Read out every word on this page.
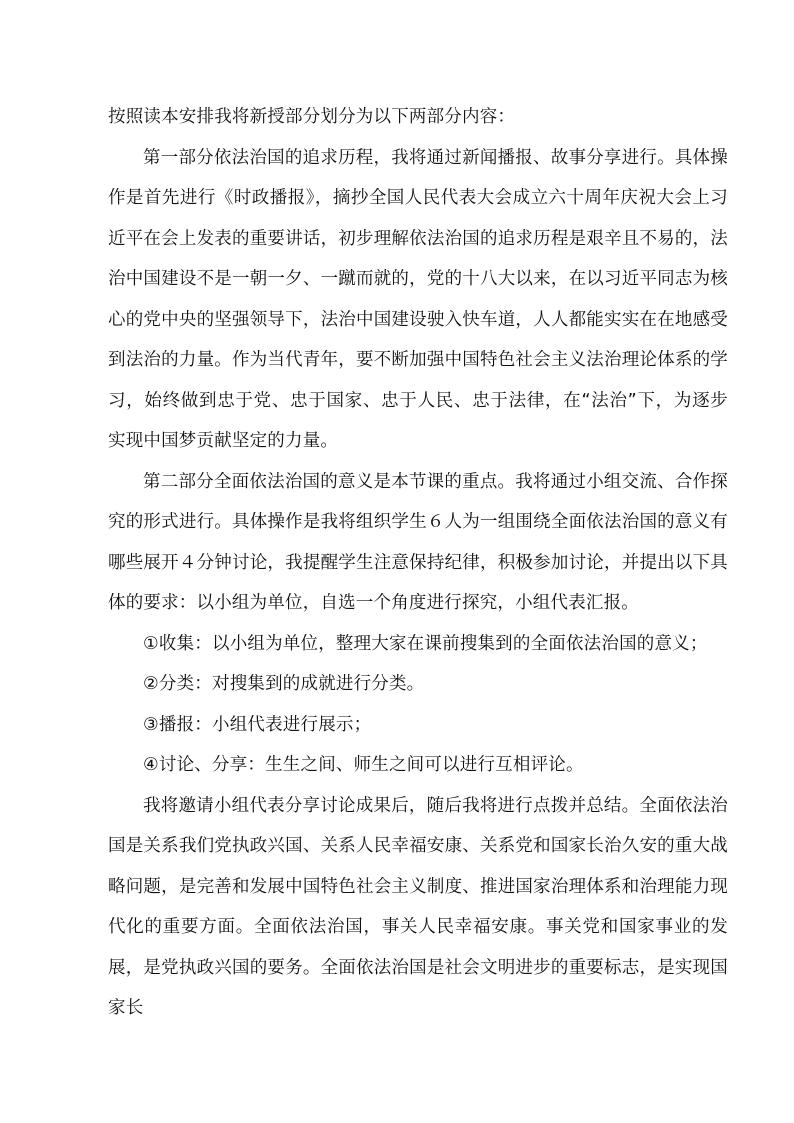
按照读本安排我将新授部分划分为以下两部分内容：

第一部分依法治国的追求历程，我将通过新闻播报、故事分享进行。具体操作是首先进行《时政播报》，摘抄全国人民代表大会成立六十周年庆祝大会上习近平在会上发表的重要讲话，初步理解依法治国的追求历程是艰辛且不易的，法治中国建设不是一朝一夕、一蹴而就的，党的十八大以来，在以习近平同志为核心的党中央的坚强领导下，法治中国建设驶入快车道，人人都能实实在在地感受到法治的力量。作为当代青年，要不断加强中国特色社会主义法治理论体系的学习，始终做到忠于党、忠于国家、忠于人民、忠于法律，在“法治”下，为逐步实现中国梦贡献坚定的力量。

第二部分全面依法治国的意义是本节课的重点。我将通过小组交流、合作探究的形式进行。具体操作是我将组织学生６人为一组围绕全面依法治国的意义有哪些展开４分钟讨论，我提醒学生注意保持纪律，积极参加讨论，并提出以下具体的要求：以小组为单位，自选一个角度进行探究，小组代表汇报。

①收集：以小组为单位，整理大家在课前搜集到的全面依法治国的意义；

②分类：对搜集到的成就进行分类。

③播报：小组代表进行展示；

④讨论、分享：生生之间、师生之间可以进行互相评论。

我将邀请小组代表分享讨论成果后，随后我将进行点拨并总结。全面依法治国是关系我们党执政兴国、关系人民幸福安康、关系党和国家长治久安的重大战略问题，是完善和发展中国特色社会主义制度、推进国家治理体系和治理能力现代化的重要方面。全面依法治国，事关人民幸福安康。事关党和国家事业的发展，是党执政兴国的要务。全面依法治国是社会文明进步的重要标志，是实现国家长
